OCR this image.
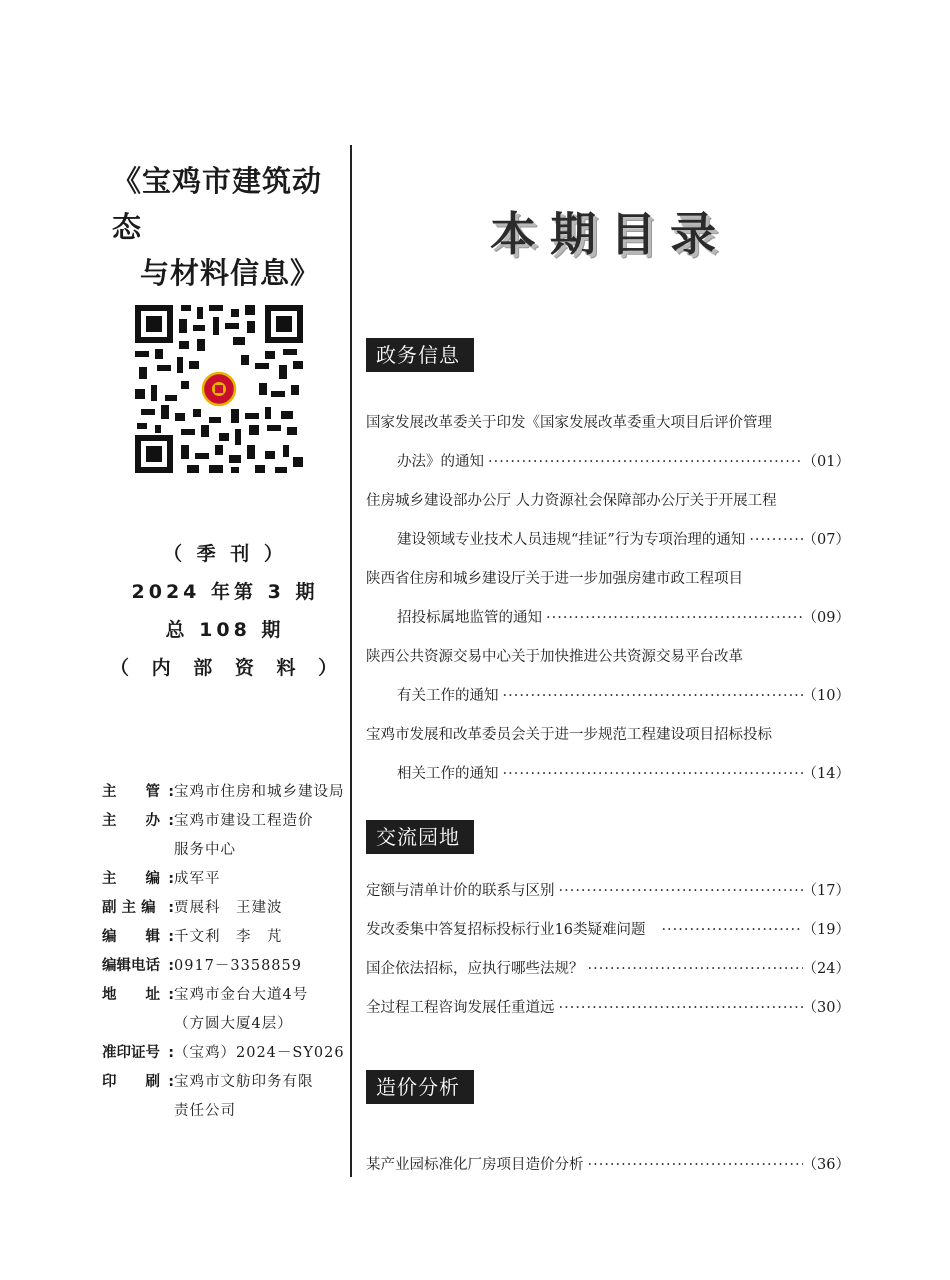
《宝鸡市建筑动态
与材料信息》
（ 季 刊 ）
2024 年第 3 期
总 108 期
（ 内 部 资 料 ）
主　　管 : 宝鸡市住房和城乡建设局
主　　办 : 宝鸡市建设工程造价
服务中心
主　　编 : 成军平
副 主 编 : 贾展科　王建波
编　　辑 : 千文利　李　芃
编辑电话 : 0917－3358859
地　　址 : 宝鸡市金台大道4号
（方圆大厦4层）
准印证号 : （宝鸡）2024－SY026
印　　刷 : 宝鸡市文舫印务有限
责任公司
本期目录
政务信息
国家发展改革委关于印发《国家发展改革委重大项目后评价管理
办法》的通知 ·····	（01）
住房城乡建设部办公厅 人力资源社会保障部办公厅关于开展工程
建设领域专业技术人员违规“挂证”行为专项治理的通知 ·····	（07）
陕西省住房和城乡建设厅关于进一步加强房建市政工程项目
招投标属地监管的通知 ·····	（09）
陕西公共资源交易中心关于加快推进公共资源交易平台改革
有关工作的通知 ·····	（10）
宝鸡市发展和改革委员会关于进一步规范工程建设项目招标投标
相关工作的通知 ·····	（14）
交流园地
定额与清单计价的联系与区别 ·····	（17）
发改委集中答复招标投标行业16类疑难问题 ·····	（19）
国企依法招标，应执行哪些法规？ ·····	（24）
全过程工程咨询发展任重道远 ·····	（30）
造价分析
某产业园标准化厂房项目造价分析 ·····	（36）
